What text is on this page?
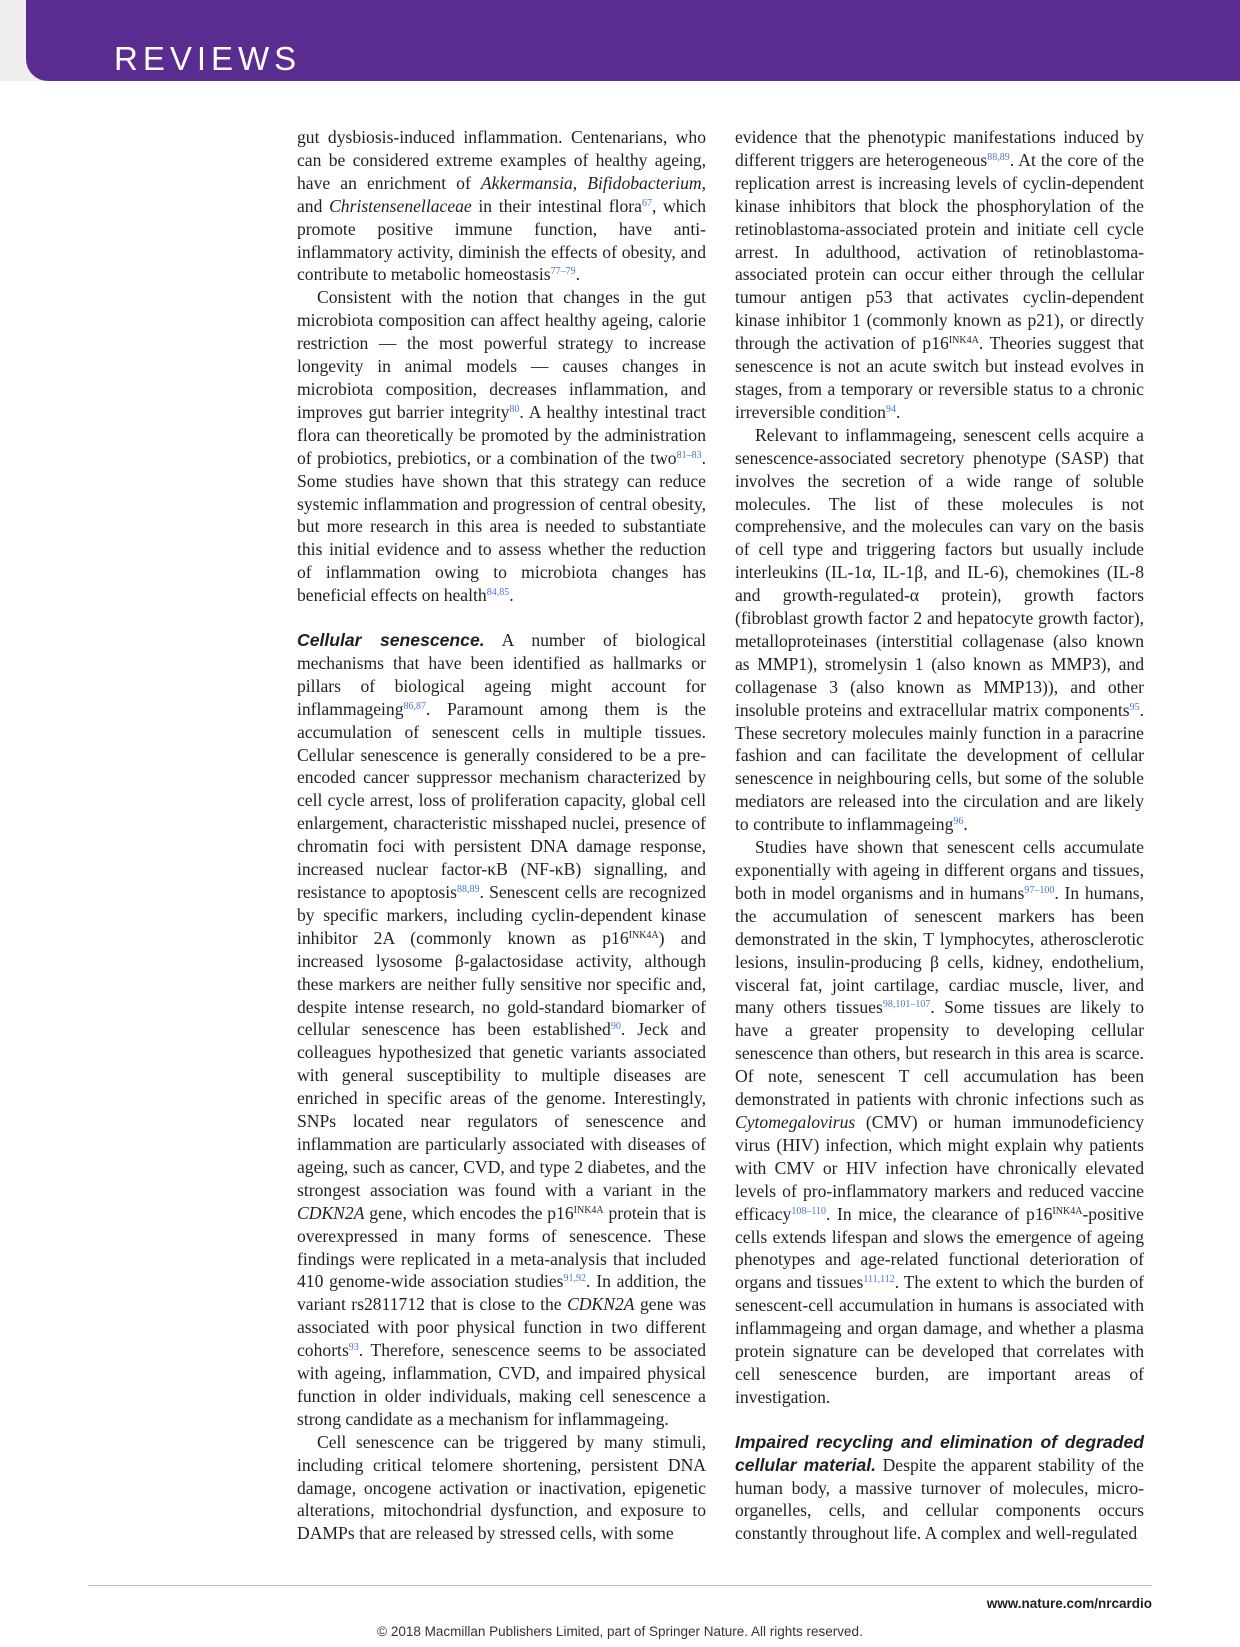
REVIEWS

gut dysbiosis-induced inflammation. Centenarians, who can be considered extreme examples of healthy ageing, have an enrichment of Akkermansia, Bifidobacterium, and Christensenellaceae in their intestinal flora$^{67}$, which promote positive immune function, have anti-inflammatory activity, diminish the effects of obesity, and contribute to metabolic homeostasis$^{77-79}$.

Consistent with the notion that changes in the gut microbiota composition can affect healthy ageing, calorie restriction — the most powerful strategy to increase longevity in animal models — causes changes in microbiota composition, decreases inflammation, and improves gut barrier integrity$^{80}$. A healthy intestinal tract flora can theoretically be promoted by the administration of probiotics, prebiotics, or a combination of the two$^{81-83}$. Some studies have shown that this strategy can reduce systemic inflammation and progression of central obesity, but more research in this area is needed to substantiate this initial evidence and to assess whether the reduction of inflammation owing to microbiota changes has beneficial effects on health$^{84,85}$.

Cellular senescence. A number of biological mechanisms that have been identified as hallmarks or pillars of biological ageing might account for inflammageing$^{86,87}$. Paramount among them is the accumulation of senescent cells in multiple tissues. Cellular senescence is generally considered to be a pre-encoded cancer suppressor mechanism characterized by cell cycle arrest, loss of proliferation capacity, global cell enlargement, characteristic misshaped nuclei, presence of chromatin foci with persistent DNA damage response, increased nuclear factor-κB (NF-κB) signalling, and resistance to apoptosis$^{88,89}$. Senescent cells are recognized by specific markers, including cyclin-dependent kinase inhibitor 2A (commonly known as $p16^{INK4A}$) and increased lysosome β-galactosidase activity, although these markers are neither fully sensitive nor specific and, despite intense research, no gold-standard biomarker of cellular senescence has been established$^{90}$. Jeck and colleagues hypothesized that genetic variants associated with general susceptibility to multiple diseases are enriched in specific areas of the genome. Interestingly, SNPs located near regulators of senescence and inflammation are particularly associated with diseases of ageing, such as cancer, CVD, and type 2 diabetes, and the strongest association was found with a variant in the CDKN2A gene, which encodes the $p16^{INK4A}$ protein that is overexpressed in many forms of senescence. These findings were replicated in a meta-analysis that included 410 genome-wide association studies$^{91,92}$. In addition, the variant rs2811712 that is close to the CDKN2A gene was associated with poor physical function in two different cohorts$^{93}$. Therefore, senescence seems to be associated with ageing, inflammation, CVD, and impaired physical function in older individuals, making cell senescence a strong candidate as a mechanism for inflammageing.

Cell senescence can be triggered by many stimuli, including critical telomere shortening, persistent DNA damage, oncogene activation or inactivation, epigenetic alterations, mitochondrial dysfunction, and exposure to DAMPs that are released by stressed cells, with some

evidence that the phenotypic manifestations induced by different triggers are heterogeneous$^{88,89}$. At the core of the replication arrest is increasing levels of cyclin-dependent kinase inhibitors that block the phosphorylation of the retinoblastoma-associated protein and initiate cell cycle arrest. In adulthood, activation of retinoblastoma-associated protein can occur either through the cellular tumour antigen p53 that activates cyclin-dependent kinase inhibitor 1 (commonly known as p21), or directly through the activation of $p16^{INK4A}$. Theories suggest that senescence is not an acute switch but instead evolves in stages, from a temporary or reversible status to a chronic irreversible condition$^{94}$.

Relevant to inflammageing, senescent cells acquire a senescence-associated secretory phenotype (SASP) that involves the secretion of a wide range of soluble molecules. The list of these molecules is not comprehensive, and the molecules can vary on the basis of cell type and triggering factors but usually include interleukins (IL-1α, IL-1β, and IL-6), chemokines (IL-8 and growth-regulated-α protein), growth factors (fibroblast growth factor 2 and hepatocyte growth factor), metalloproteinases (interstitial collagenase (also known as MMP1), stromelysin 1 (also known as MMP3), and collagenase 3 (also known as MMP13)), and other insoluble proteins and extracellular matrix components$^{95}$. These secretory molecules mainly function in a paracrine fashion and can facilitate the development of cellular senescence in neighbouring cells, but some of the soluble mediators are released into the circulation and are likely to contribute to inflammageing$^{96}$.

Studies have shown that senescent cells accumulate exponentially with ageing in different organs and tissues, both in model organisms and in humans$^{97-100}$. In humans, the accumulation of senescent markers has been demonstrated in the skin, T lymphocytes, atherosclerotic lesions, insulin-producing β cells, kidney, endothelium, visceral fat, joint cartilage, cardiac muscle, liver, and many others tissues$^{98,101-107}$. Some tissues are likely to have a greater propensity to developing cellular senescence than others, but research in this area is scarce. Of note, senescent T cell accumulation has been demonstrated in patients with chronic infections such as Cytomegalovirus (CMV) or human immunodeficiency virus (HIV) infection, which might explain why patients with CMV or HIV infection have chronically elevated levels of pro-inflammatory markers and reduced vaccine efficacy$^{108-110}$. In mice, the clearance of $p16^{INK4A}$-positive cells extends lifespan and slows the emergence of ageing phenotypes and age-related functional deterioration of organs and tissues$^{111,112}$. The extent to which the burden of senescent-cell accumulation in humans is associated with inflammageing and organ damage, and whether a plasma protein signature can be developed that correlates with cell senescence burden, are important areas of investigation.

Impaired recycling and elimination of degraded cellular material. Despite the apparent stability of the human body, a massive turnover of molecules, micro-organelles, cells, and cellular components occurs constantly throughout life. A complex and well-regulated

www.nature.com/nrcardio
© 2018 Macmillan Publishers Limited, part of Springer Nature. All rights reserved.
